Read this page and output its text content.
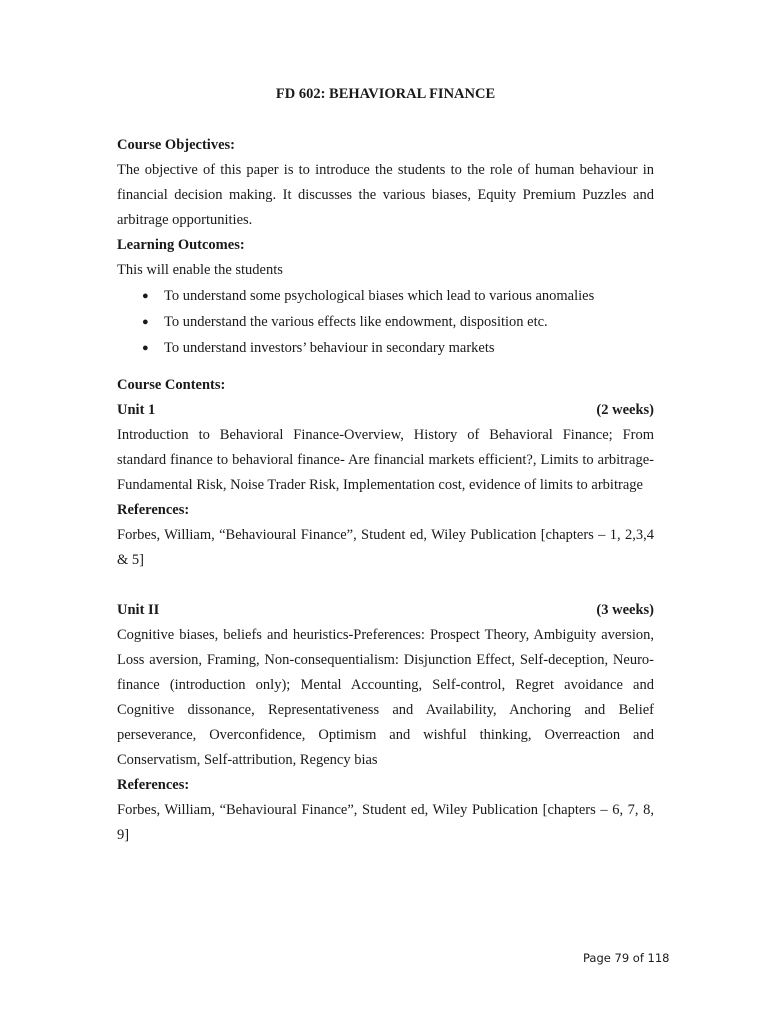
FD 602: BEHAVIORAL FINANCE
Course Objectives:
The objective of this paper is to introduce the students to the role of human behaviour in financial decision making. It discusses the various biases, Equity Premium Puzzles and arbitrage opportunities.
Learning Outcomes:
This will enable the students
● To understand some psychological biases which lead to various anomalies
● To understand the various effects like endowment, disposition etc.
● To understand investors’ behaviour in secondary markets
Course Contents:
Unit 1	(2 weeks)
Introduction to Behavioral Finance-Overview, History of Behavioral Finance; From standard finance to behavioral finance- Are financial markets efficient?, Limits to arbitrage-Fundamental Risk, Noise Trader Risk, Implementation cost, evidence of limits to arbitrage
References:
Forbes, William, “Behavioural Finance”, Student ed, Wiley Publication [chapters – 1, 2,3,4 & 5]
Unit II	(3 weeks)
Cognitive biases, beliefs and heuristics-Preferences: Prospect Theory, Ambiguity aversion, Loss aversion, Framing, Non-consequentialism: Disjunction Effect, Self-deception, Neuro-finance (introduction only); Mental Accounting, Self-control, Regret avoidance and Cognitive dissonance, Representativeness and Availability, Anchoring and Belief perseverance, Overconfidence, Optimism and wishful thinking, Overreaction and Conservatism, Self-attribution, Regency bias
References:
Forbes, William, “Behavioural Finance”, Student ed, Wiley Publication [chapters – 6, 7, 8, 9]
Page 79 of 118
